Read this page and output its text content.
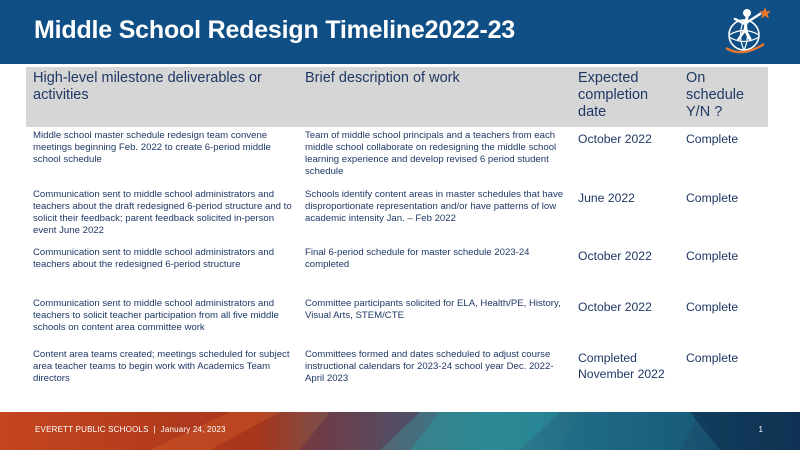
Middle School Redesign Timeline2022-23
High-level milestone deliverables or activities	Brief description of work	Expected completion date	On schedule Y/N ?
Middle school master schedule redesign team convene meetings beginning Feb. 2022 to create 6-period middle school schedule	Team of middle school principals and a teachers from each middle school collaborate on redesigning the middle school learning experience and develop revised 6 period student schedule	October 2022	Complete
Communication sent to middle school administrators and teachers about the draft redesigned 6-period structure and to solicit their feedback; parent feedback solicited in-person event June 2022	Schools identify content areas in master schedules that have disproportionate representation and/or have patterns of low academic intensity Jan. – Feb 2022	June 2022	Complete
Communication sent to middle school administrators and teachers about the redesigned 6-period structure	Final 6-period schedule for master schedule 2023-24 completed	October 2022	Complete
Communication sent to middle school administrators and teachers to solicit teacher participation from all five middle schools on content area committee work	Committee participants solicited for ELA, Health/PE, History, Visual Arts, STEM/CTE	October 2022	Complete
Content area teams created; meetings scheduled for subject area teacher teams to begin work with Academics Team directors	Committees formed and dates scheduled to adjust course instructional calendars for 2023-24 school year Dec. 2022- April 2023	Completed November 2022	Complete
EVERETT PUBLIC SCHOOLS | January 24, 2023	1
